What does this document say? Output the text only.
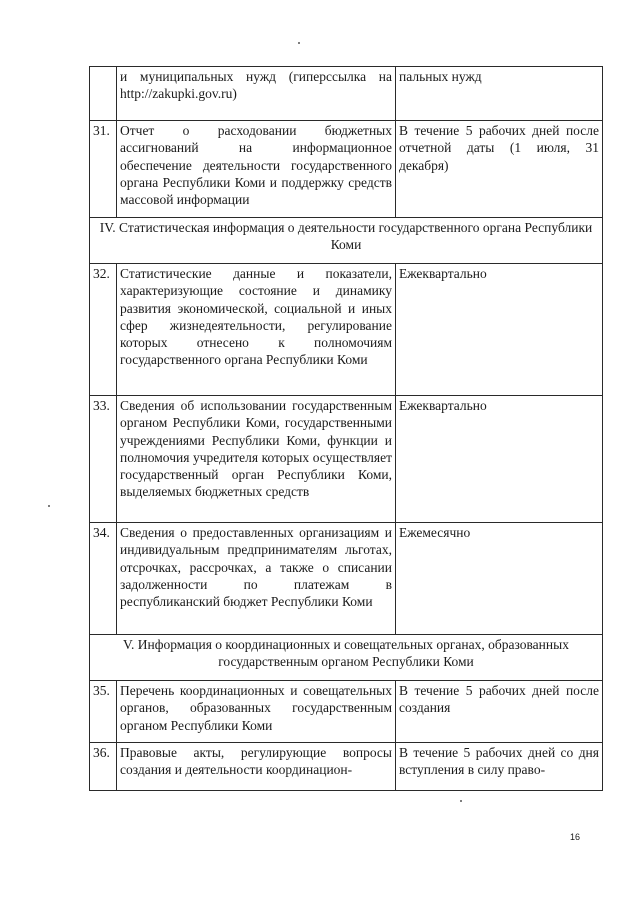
	и муниципальных нужд (гиперссылка на http://zakupki.gov.ru)	пальных нужд
31.	Отчет о расходовании бюджетных ассигнований на информационное обеспечение деятельности государственного органа Республики Коми и поддержку средств массовой информации	В течение 5 рабочих дней после отчетной даты (1 июля, 31 декабря)
IV. Статистическая информация о деятельности государственного органа Республики Коми		
32.	Статистические данные и показатели, характеризующие состояние и динамику развития экономической, социальной и иных сфер жизнедеятельности, регулирование которых отнесено к полномочиям государственного органа Республики Коми	Ежеквартально
33.	Сведения об использовании государственным органом Республики Коми, государственными учреждениями Республики Коми, функции и полномочия учредителя которых осуществляет государственный орган Республики Коми, выделяемых бюджетных средств	Ежеквартально
34.	Сведения о предоставленных организациям и индивидуальным предпринимателям льготах, отсрочках, рассрочках, а также о списании задолженности по платежам в республиканский бюджет Республики Коми	Ежемесячно
V. Информация о координационных и совещательных органах, образованных государственным органом Республики Коми		
35.	Перечень координационных и совещательных органов, образованных государственным органом Республики Коми	В течение 5 рабочих дней после создания
36.	Правовые акты, регулирующие вопросы создания и деятельности координацион-	В течение 5 рабочих дней со дня вступления в силу право-
16
